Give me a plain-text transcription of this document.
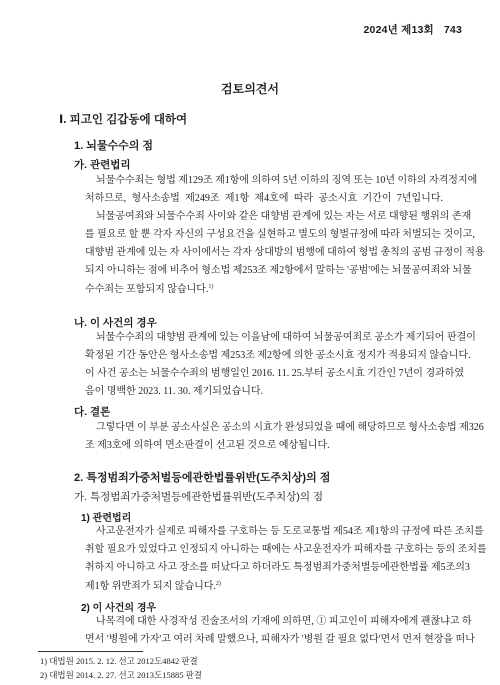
2024년 제13회 743
검토의견서
Ⅰ. 피고인 김갑동에 대하여
1. 뇌물수수의 점
가. 관련법리
뇌물수수죄는 형법 제129조 제1항에 의하여 5년 이하의 징역 또는 10년 이하의 자격정지에
처하므로, 형사소송법 제249조 제1항 제4호에 따라 공소시효 기간이 7년입니다.
뇌물공여죄와 뇌물수수죄 사이와 같은 대향범 관계에 있는 자는 서로 대향된 행위의 존재
를 필요로 할 뿐 각자 자신의 구성요건을 실현하고 별도의 형벌규정에 따라 처벌되는 것이고,
대향범 관계에 있는 자 사이에서는 각자 상대방의 범행에 대하여 형법 총칙의 공범 규정이 적용
되지 아니하는 점에 비추어 형소법 제253조 제2항에서 말하는 '공범'에는 뇌물공여죄와 뇌물
수수죄는 포함되지 않습니다.$^{1)}$
나. 이 사건의 경우
뇌물수수죄의 대향범 관계에 있는 이을남에 대하여 뇌물공여죄로 공소가 제기되어 판결이
확정된 기간 동안은 형사소송법 제253조 제2항에 의한 공소시효 정지가 적용되지 않습니다.
이 사건 공소는 뇌물수수죄의 범행일인 2016. 11. 25.부터 공소시효 기간인 7년이 경과하였
음이 명백한 2023. 11. 30. 제기되었습니다.
다. 결론
그렇다면 이 부분 공소사실은 공소의 시효가 완성되었을 때에 해당하므로 형사소송법 제326
조 제3호에 의하여 면소판결이 선고된 것으로 예상됩니다.
2. 특정범죄가중처벌등에관한법률위반(도주치상)의 점
가. 특정범죄가중처벌등에관한법률위반(도주치상)의 점
1) 관련법리
사고운전자가 실제로 피해자를 구호하는 등 도로교통법 제54조 제1항의 규정에 따른 조치를
취할 필요가 있었다고 인정되지 아니하는 때에는 사고운전자가 피해자를 구호하는 등의 조치를
취하지 아니하고 사고 장소를 떠났다고 하더라도 특정범죄가중처벌등에관한법률 제5조의3
제1항 위반죄가 되지 않습니다.$^{2)}$
2) 이 사건의 경우
나목격에 대한 사경작성 진술조서의 기재에 의하면, ① 피고인이 피해자에게 괜찮냐고 하
면서 '병원에 가자'고 여러 차례 말했으나, 피해자가 '병원 갈 필요 없다'면서 먼저 현장을 떠나
1) 대법원 2015. 2. 12. 선고 2012도4842 판결
2) 대법원 2014. 2. 27. 선고 2013도15885 판결
